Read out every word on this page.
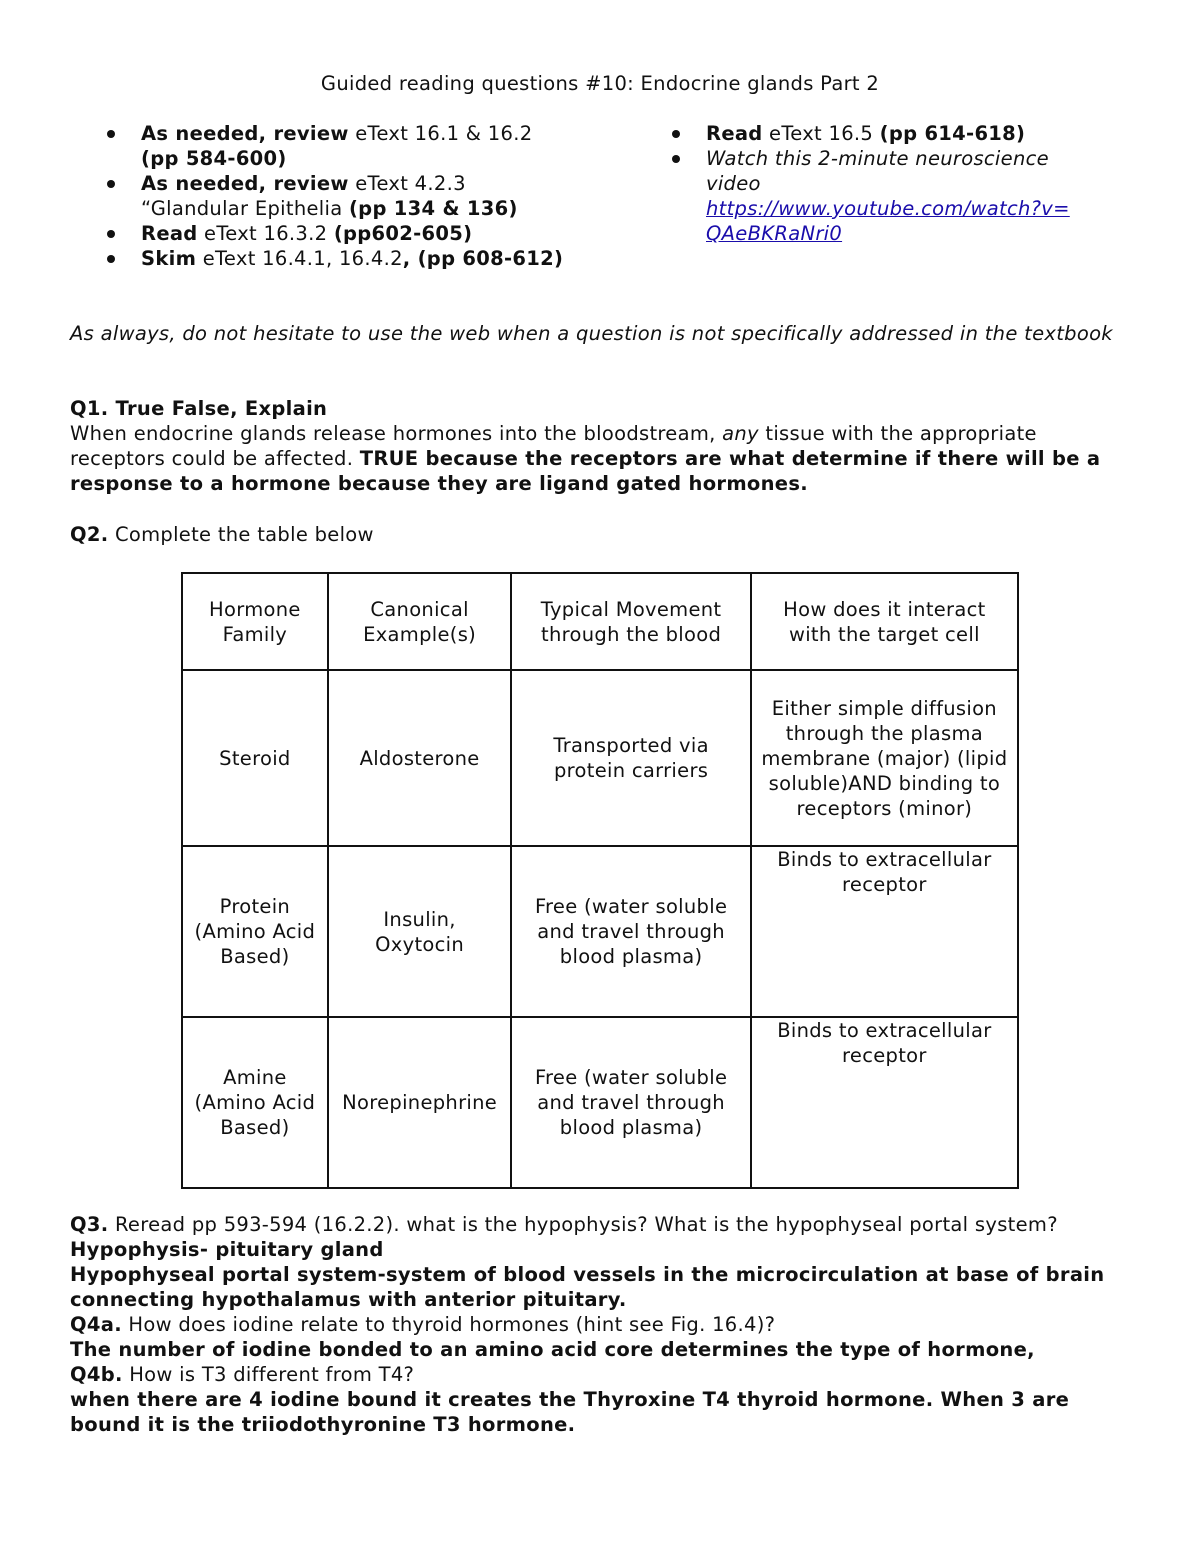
Guided reading questions #10: Endocrine glands Part 2
As needed, review eText 16.1 & 16.2 (pp 584-600)
As needed, review eText 4.2.3 “Glandular Epithelia (pp 134 & 136)
Read eText 16.3.2 (pp602-605)
Skim eText 16.4.1, 16.4.2, (pp 608-612)
Read eText 16.5 (pp 614-618)
Watch this 2-minute neuroscience video
https://www.youtube.com/watch?v=QAeBKRaNri0
As always, do not hesitate to use the web when a question is not specifically addressed in the textbook
Q1. True False, Explain
When endocrine glands release hormones into the bloodstream, any tissue with the appropriate receptors could be affected. TRUE because the receptors are what determine if there will be a response to a hormone because they are ligand gated hormones.
Q2. Complete the table below
Hormone Family	Canonical Example(s)	Typical Movement through the blood	How does it interact with the target cell
Steroid	Aldosterone	Transported via protein carriers	Either simple diffusion through the plasma membrane (major) (lipid soluble)AND binding to receptors (minor)
Protein (Amino Acid Based)	Insulin, Oxytocin	Free (water soluble and travel through blood plasma)	Binds to extracellular receptor
Amine (Amino Acid Based)	Norepinephrine	Free (water soluble and travel through blood plasma)	Binds to extracellular receptor
Q3. Reread pp 593-594 (16.2.2). what is the hypophysis? What is the hypophyseal portal system?
Hypophysis- pituitary gland
Hypophyseal portal system-system of blood vessels in the microcirculation at base of brain connecting hypothalamus with anterior pituitary.
Q4a. How does iodine relate to thyroid hormones (hint see Fig. 16.4)?
The number of iodine bonded to an amino acid core determines the type of hormone,
Q4b. How is T3 different from T4?
when there are 4 iodine bound it creates the Thyroxine T4 thyroid hormone. When 3 are bound it is the triiodothyronine T3 hormone.
